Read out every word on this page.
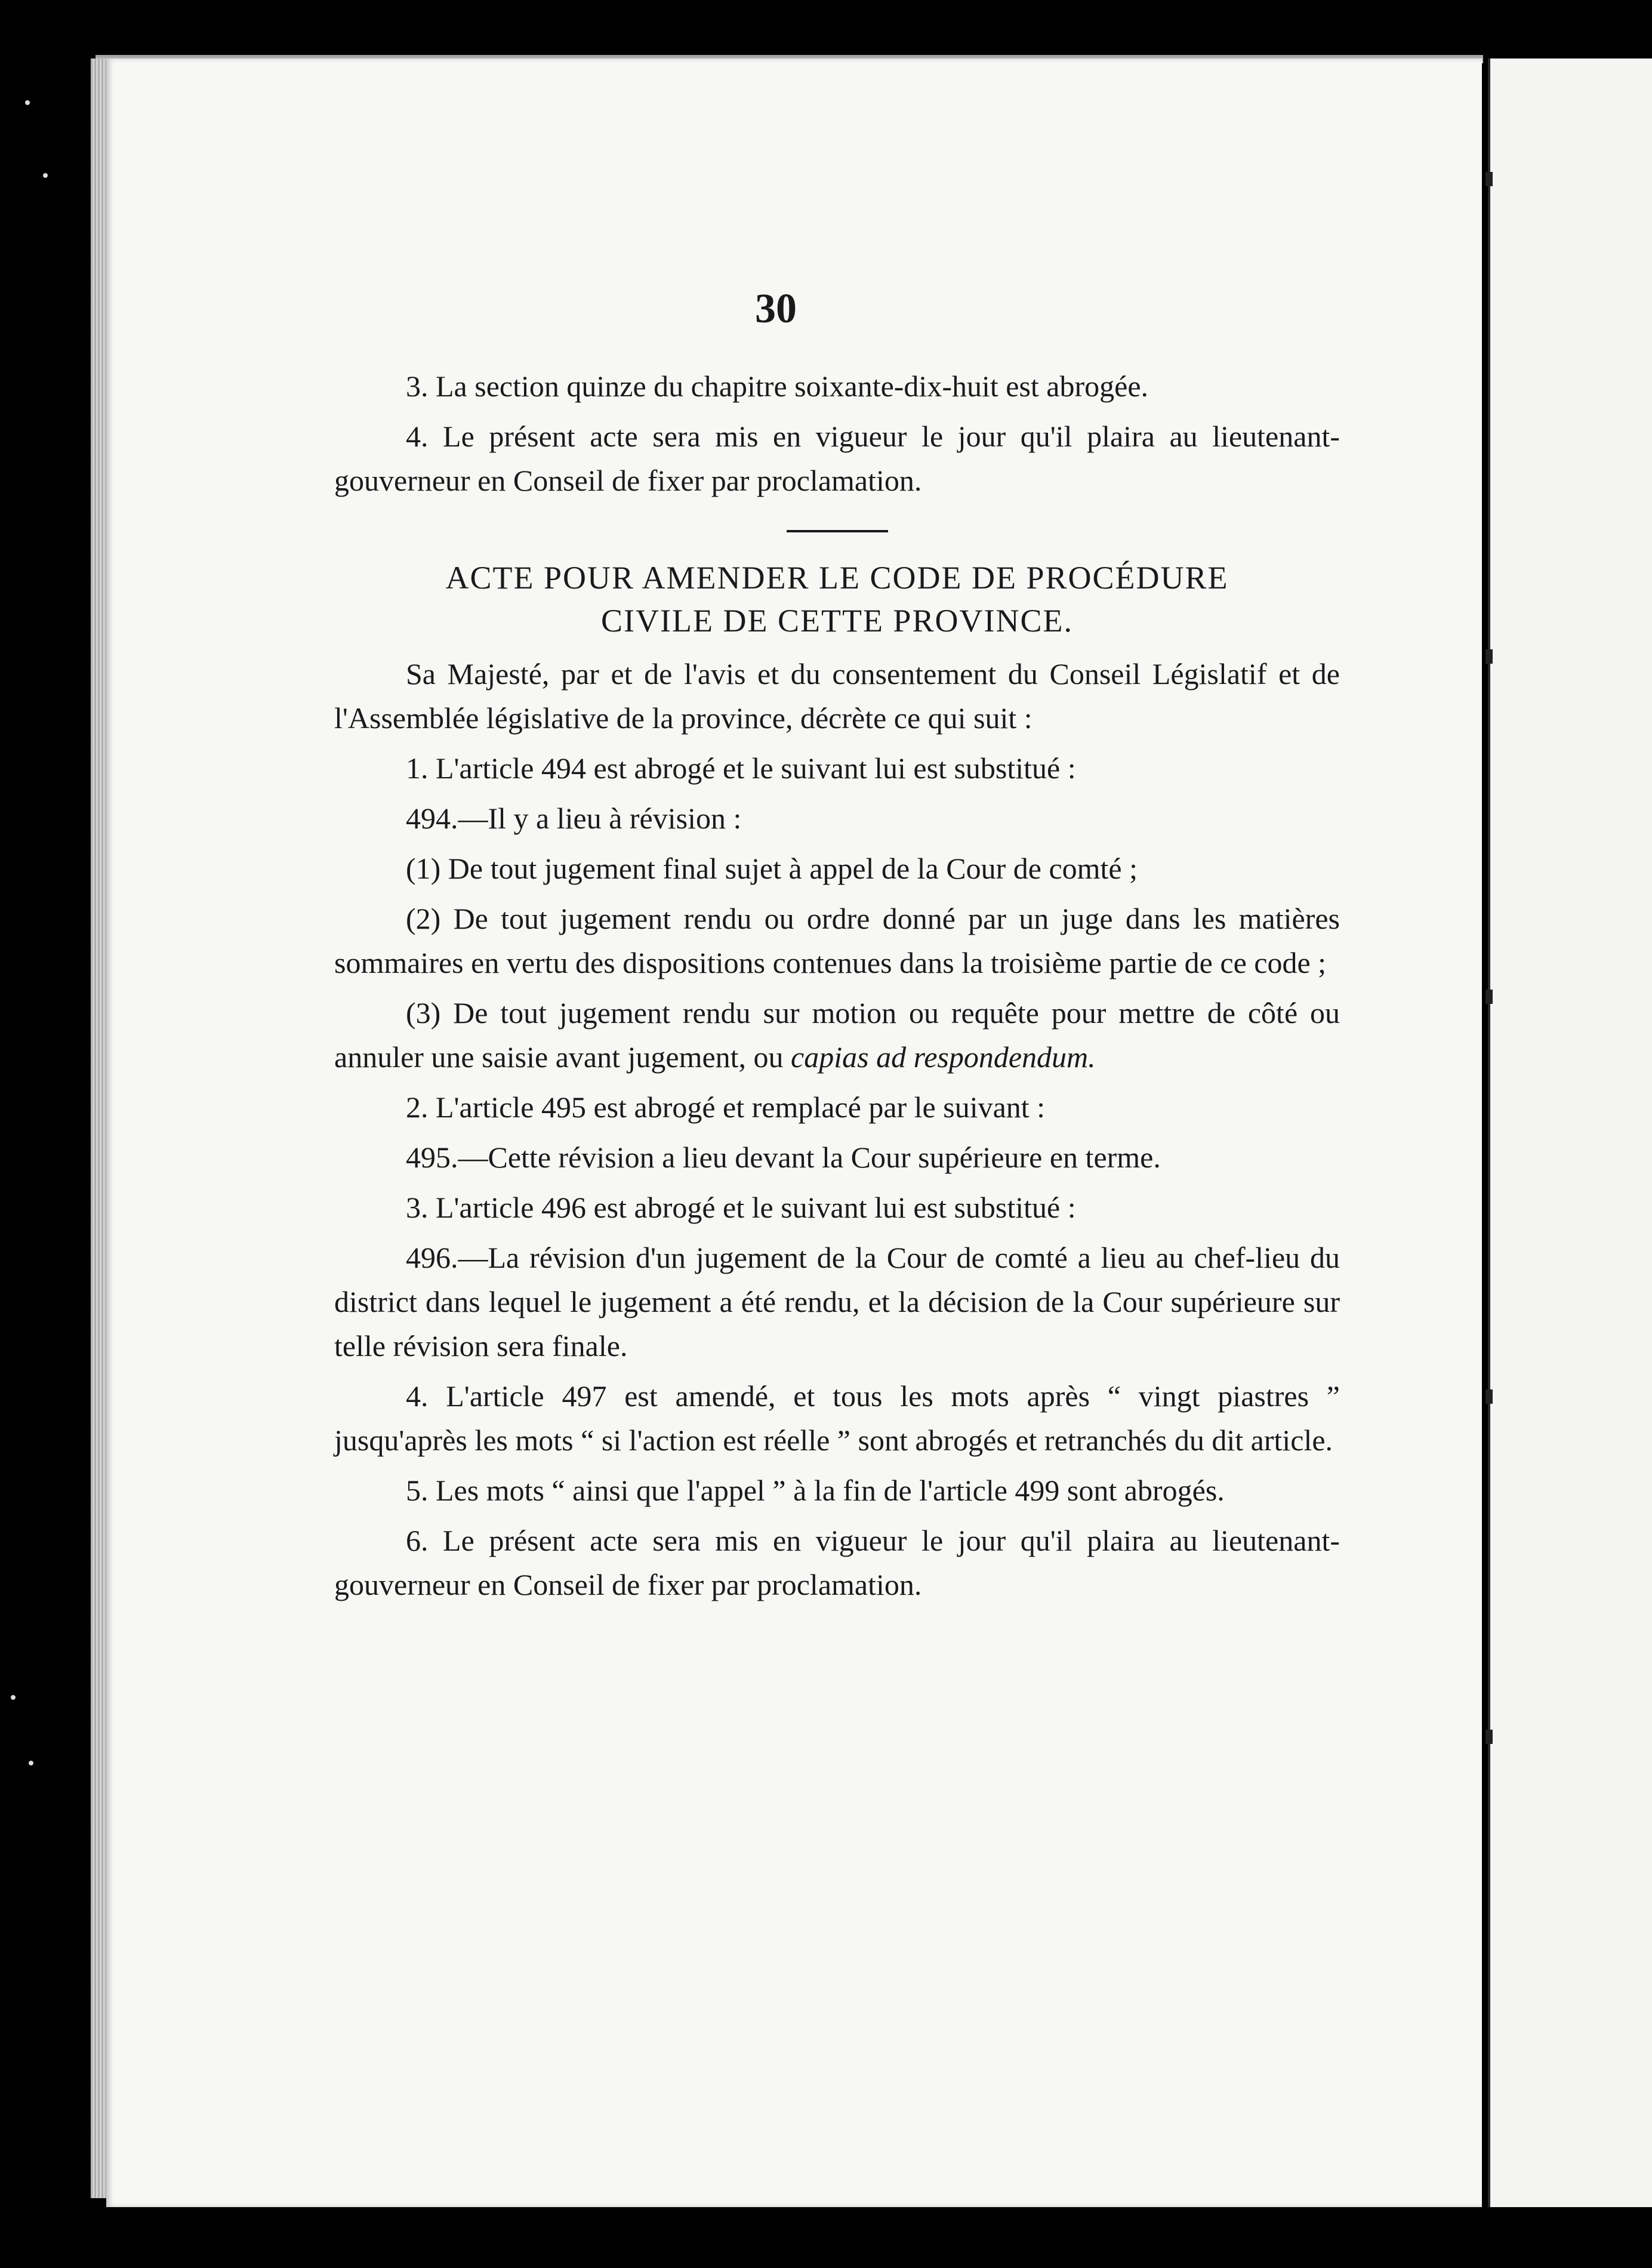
30

3. La section quinze du chapitre soixante-dix-huit est abrogée.

4. Le présent acte sera mis en vigueur le jour qu'il plaira au lieutenant-gouverneur en Conseil de fixer par proclamation.

ACTE POUR AMENDER LE CODE DE PROCÉDURE
CIVILE DE CETTE PROVINCE.

Sa Majesté, par et de l'avis et du consentement du Conseil Législatif et de l'Assemblée législative de la province, décrète ce qui suit :

1. L'article 494 est abrogé et le suivant lui est substitué :

494.—Il y a lieu à révision :

(1) De tout jugement final sujet à appel de la Cour de comté ;

(2) De tout jugement rendu ou ordre donné par un juge dans les matières sommaires en vertu des dispositions contenues dans la troisième partie de ce code ;

(3) De tout jugement rendu sur motion ou requête pour mettre de côté ou annuler une saisie avant jugement, ou capias ad respondendum.

2. L'article 495 est abrogé et remplacé par le suivant :

495.—Cette révision a lieu devant la Cour supérieure en terme.

3. L'article 496 est abrogé et le suivant lui est substitué :

496.—La révision d'un jugement de la Cour de comté a lieu au chef-lieu du district dans lequel le jugement a été rendu, et la décision de la Cour supérieure sur telle révision sera finale.

4. L'article 497 est amendé, et tous les mots après “ vingt piastres ” jusqu'après les mots “ si l'action est réelle ” sont abrogés et retranchés du dit article.

5. Les mots “ ainsi que l'appel ” à la fin de l'article 499 sont abrogés.

6. Le présent acte sera mis en vigueur le jour qu'il plaira au lieutenant-gouverneur en Conseil de fixer par proclamation.
